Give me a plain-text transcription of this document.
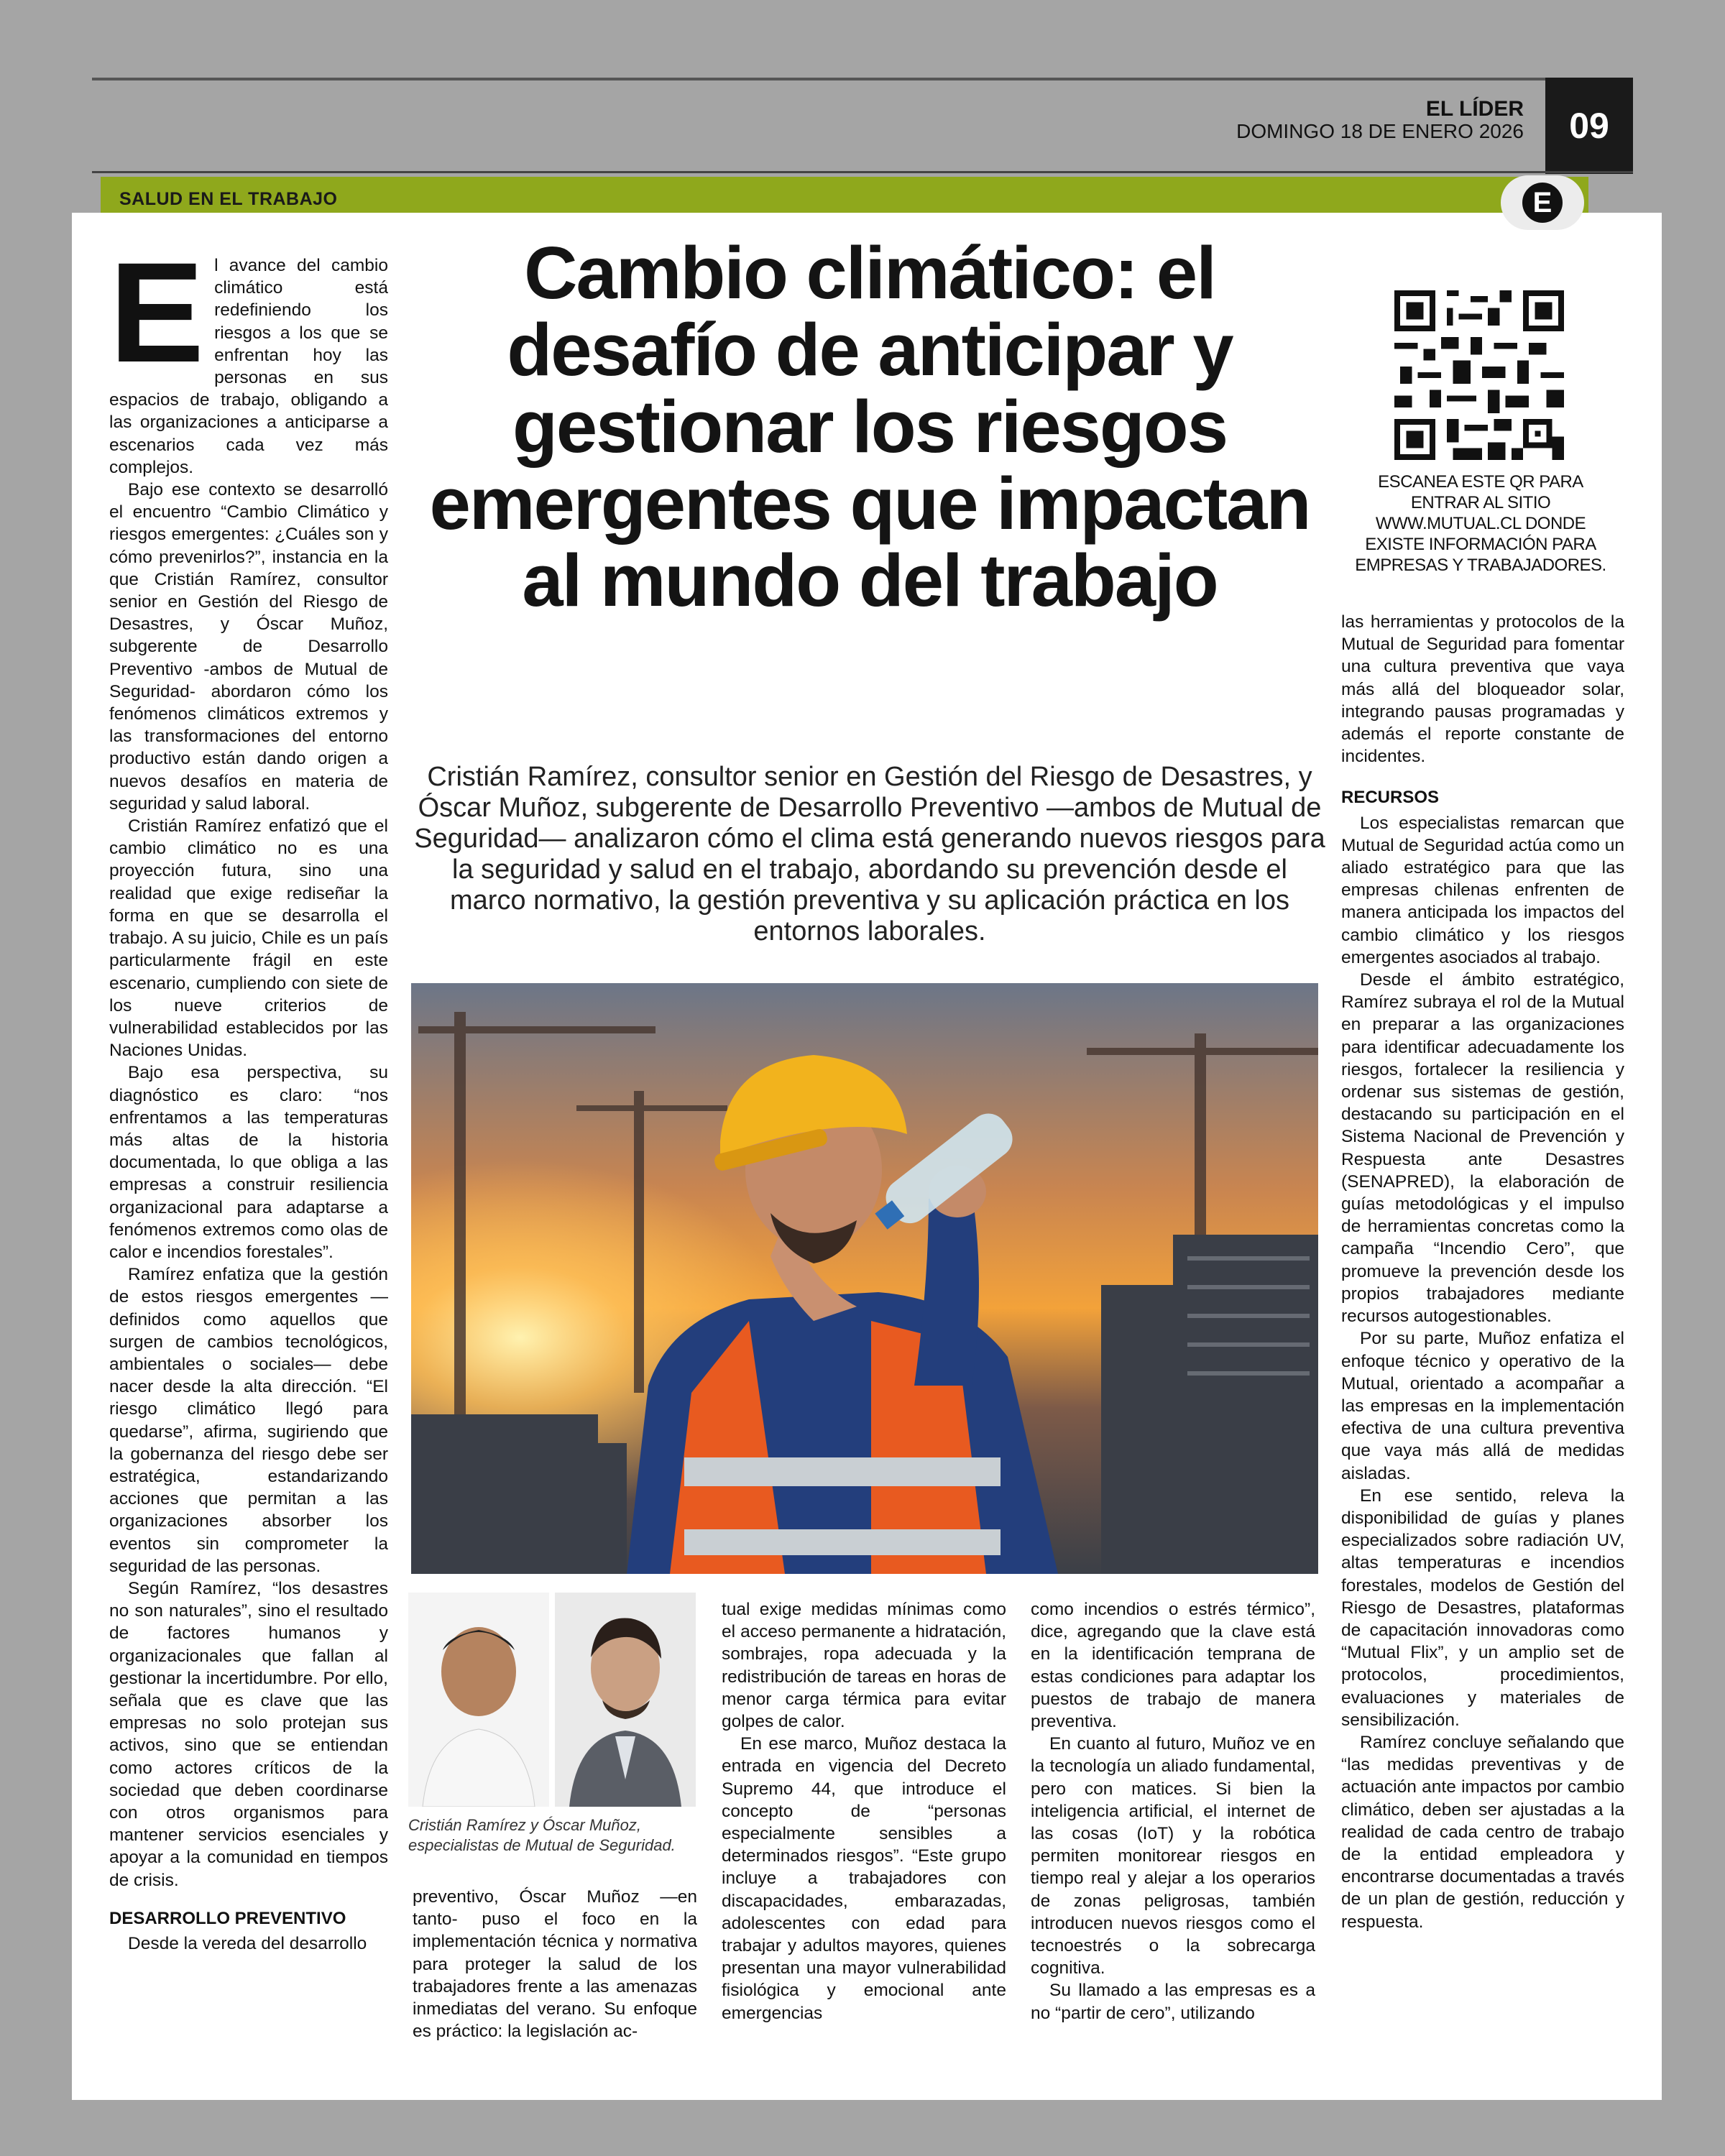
EL LÍDER
DOMINGO 18 DE ENERO 2026	09
SALUD EN EL TRABAJO	E
E l avance del cambio climático está redefiniendo los riesgos a los que se enfrentan hoy las personas en sus espacios de trabajo, obligando a las organizaciones a anticiparse a escenarios cada vez más complejos.

Bajo ese contexto se desarrolló el encuentro “Cambio Climático y riesgos emergentes: ¿Cuáles son y cómo prevenirlos?”, instancia en la que Cristián Ramírez, consultor senior en Gestión del Riesgo de Desastres, y Óscar Muñoz, subgerente de Desarrollo Preventivo -ambos de Mutual de Seguridad- abordaron cómo los fenómenos climáticos extremos y las transformaciones del entorno productivo están dando origen a nuevos desafíos en materia de seguridad y salud laboral.

Cristián Ramírez enfatizó que el cambio climático no es una proyección futura, sino una realidad que exige rediseñar la forma en que se desarrolla el trabajo. A su juicio, Chile es un país particularmente frágil en este escenario, cumpliendo con siete de los nueve criterios de vulnerabilidad establecidos por las Naciones Unidas.

Bajo esa perspectiva, su diagnóstico es claro: “nos enfrentamos a las temperaturas más altas de la historia documentada, lo que obliga a las empresas a construir resiliencia organizacional para adaptarse a fenómenos extremos como olas de calor e incendios forestales”.

Ramírez enfatiza que la gestión de estos riesgos emergentes —definidos como aquellos que surgen de cambios tecnológicos, ambientales o sociales— debe nacer desde la alta dirección. “El riesgo climático llegó para quedarse”, afirma, sugiriendo que la gobernanza del riesgo debe ser estratégica, estandarizando acciones que permitan a las organizaciones absorber los eventos sin comprometer la seguridad de las personas.

Según Ramírez, “los desastres no son naturales”, sino el resultado de factores humanos y organizacionales que fallan al gestionar la incertidumbre. Por ello, señala que es clave que las empresas no solo protejan sus activos, sino que se entiendan como actores críticos de la sociedad que deben coordinarse con otros organismos para mantener servicios esenciales y apoyar a la comunidad en tiempos de crisis.

DESARROLLO PREVENTIVO

Desde la vereda del desarrollo

Cambio climático: el desafío de anticipar y gestionar los riesgos emergentes que impactan al mundo del trabajo
Cristián Ramírez, consultor senior en Gestión del Riesgo de Desastres, y Óscar Muñoz, subgerente de Desarrollo Preventivo —ambos de Mutual de Seguridad— analizaron cómo el clima está generando nuevos riesgos para la seguridad y salud en el trabajo, abordando su prevención desde el marco normativo, la gestión preventiva y su aplicación práctica en los entornos laborales.
Cristián Ramírez y Óscar Muñoz, especialistas de Mutual de Seguridad.

preventivo, Óscar Muñoz —en tanto- puso el foco en la implementación técnica y normativa para proteger la salud de los trabajadores frente a las amenazas inmediatas del verano. Su enfoque es práctico: la legislación ac-

tual exige medidas mínimas como el acceso permanente a hidratación, sombrajes, ropa adecuada y la redistribución de tareas en horas de menor carga térmica para evitar golpes de calor.

En ese marco, Muñoz destaca la entrada en vigencia del Decreto Supremo 44, que introduce el concepto de “personas especialmente sensibles a determinados riesgos”. “Este grupo incluye a trabajadores con discapacidades, embarazadas, adolescentes con edad para trabajar y adultos mayores, quienes presentan una mayor vulnerabilidad fisiológica y emocional ante emergencias

como incendios o estrés térmico”, dice, agregando que la clave está en la identificación temprana de estas condiciones para adaptar los puestos de trabajo de manera preventiva.

En cuanto al futuro, Muñoz ve en la tecnología un aliado fundamental, pero con matices. Si bien la inteligencia artificial, el internet de las cosas (IoT) y la robótica permiten monitorear riesgos en tiempo real y alejar a los operarios de zonas peligrosas, también introducen nuevos riesgos como el tecnoestrés o la sobrecarga cognitiva.

Su llamado a las empresas es a no “partir de cero”, utilizando

ESCANEA ESTE QR PARA ENTRAR AL SITIO WWW.MUTUAL.CL DONDE EXISTE INFORMACIÓN PARA EMPRESAS Y TRABAJADORES.

las herramientas y protocolos de la Mutual de Seguridad para fomentar una cultura preventiva que vaya más allá del bloqueador solar, integrando pausas programadas y además el reporte constante de incidentes.

RECURSOS

Los especialistas remarcan que Mutual de Seguridad actúa como un aliado estratégico para que las empresas chilenas enfrenten de manera anticipada los impactos del cambio climático y los riesgos emergentes asociados al trabajo.

Desde el ámbito estratégico, Ramírez subraya el rol de la Mutual en preparar a las organizaciones para identificar adecuadamente los riesgos, fortalecer la resiliencia y ordenar sus sistemas de gestión, destacando su participación en el Sistema Nacional de Prevención y Respuesta ante Desastres (SENAPRED), la elaboración de guías metodológicas y el impulso de herramientas concretas como la campaña “Incendio Cero”, que promueve la prevención desde los propios trabajadores mediante recursos autogestionables.

Por su parte, Muñoz enfatiza el enfoque técnico y operativo de la Mutual, orientado a acompañar a las empresas en la implementación efectiva de una cultura preventiva que vaya más allá de medidas aisladas.

En ese sentido, releva la disponibilidad de guías y planes especializados sobre radiación UV, altas temperaturas e incendios forestales, modelos de Gestión del Riesgo de Desastres, plataformas de capacitación innovadoras como “Mutual Flix”, y un amplio set de protocolos, procedimientos, evaluaciones y materiales de sensibilización.

Ramírez concluye señalando que “las medidas preventivas y de actuación ante impactos por cambio climático, deben ser ajustadas a la realidad de cada centro de trabajo de la entidad empleadora y encontrarse documentadas a través de un plan de gestión, reducción y respuesta.
